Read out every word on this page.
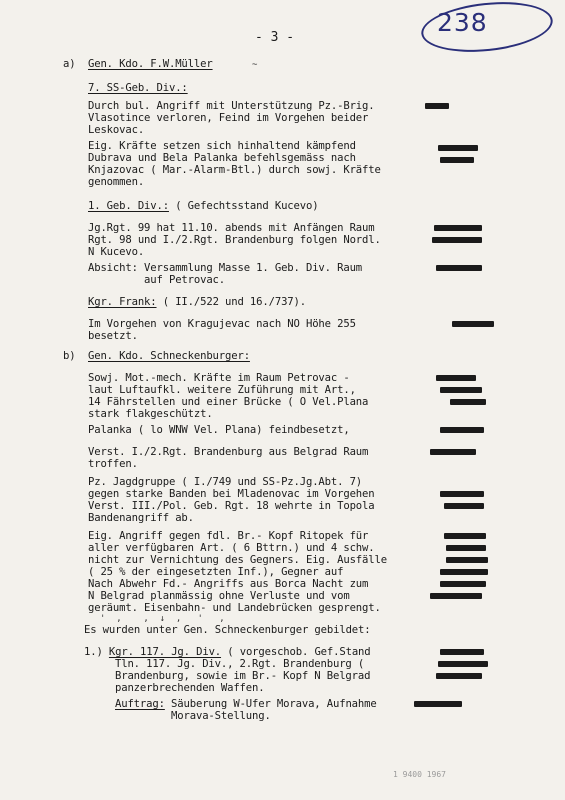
238
- 3 -
a) Gen. Kdo. F.W.Müller	~
7. SS-Geb. Div.:
Durch bul. Angriff mit Unterstützung Pz.-Brig.
Vlasotince verloren, Feind im Vorgehen beider
Leskovac.
Eig. Kräfte setzen sich hinhaltend kämpfend
Dubrava und Bela Palanka befehlsgemäss nach
Knjazovac ( Mar.-Alarm-Btl.) durch sowj. Kräfte
genommen.
1. Geb. Div.: ( Gefechtsstand Kucevo)
Jg.Rgt. 99 hat 11.10. abends mit Anfängen Raum
Rgt. 98 und I./2.Rgt. Brandenburg folgen Nordl.
N Kucevo.
Absicht: Versammlung Masse 1. Geb. Div. Raum
auf Petrovac.
Kgr. Frank: ( II./522 und 16./737).
Im Vorgehen von Kragujevac nach NO Höhe 255
besetzt.
b) Gen. Kdo. Schneckenburger:
Sowj. Mot.-mech. Kräfte im Raum Petrovac -
laut Luftaufkl. weitere Zuführung mit Art.,
14 Fährstellen und einer Brücke ( O Vel.Plana
stark flakgeschützt.
Palanka ( lo WNW Vel. Plana) feindbesetzt,
Verst. I./2.Rgt. Brandenburg aus Belgrad Raum
troffen.
Pz. Jagdgruppe ( I./749 und SS-Pz.Jg.Abt. 7)
gegen starke Banden bei Mladenovac im Vorgehen
Verst. III./Pol. Geb. Rgt. 18 wehrte in Topola
Bandenangriff ab.
Eig. Angriff gegen fdl. Br.- Kopf Ritopek für
aller verfügbaren Art. ( 6 Bttrn.) und 4 schw.
nicht zur Vernichtung des Gegners. Eig. Ausfälle
( 25 % der eingesetzten Inf.), Gegner auf
Nach Abwehr Fd.- Angriffs aus Borca Nacht zum
N Belgrad planmässig ohne Verluste und vom
geräumt. Eisenbahn- und Landebrücken gesprengt.
'  ,    ,  ↓  ,   '   ,
Es wurden unter Gen. Schneckenburger gebildet:
1.) Kgr. 117. Jg. Div. ( vorgeschob. Gef.Stand
Tln. 117. Jg. Div., 2.Rgt. Brandenburg (
Brandenburg, sowie im Br.- Kopf N Belgrad
panzerbrechenden Waffen.
Auftrag: Säuberung W-Ufer Morava, Aufnahme
Morava-Stellung.
1 9400 1967
